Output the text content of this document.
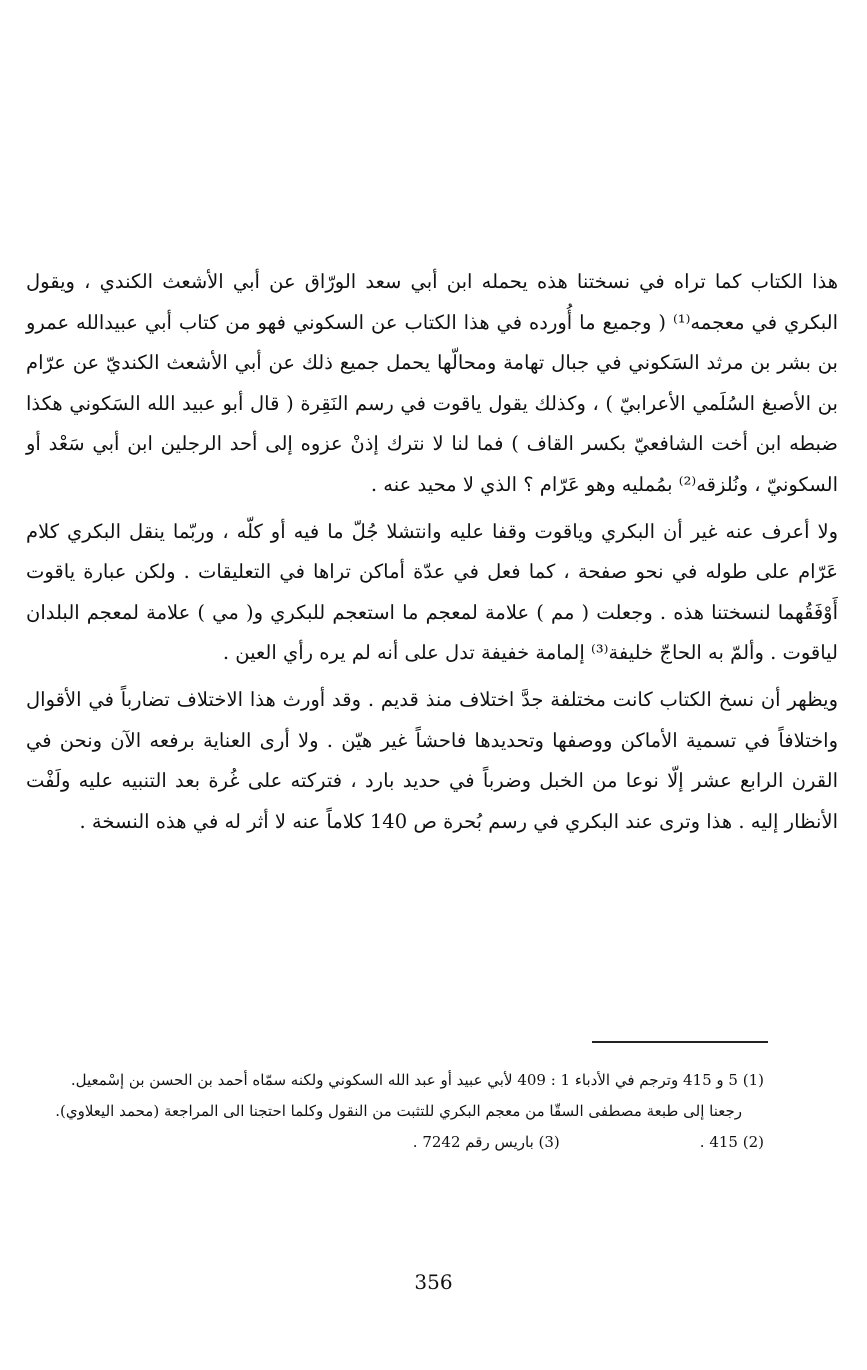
هذا الكتاب كما تراه في نسختنا هذه يحمله ابن أبي سعد الورّاق عن أبي الأشعث الكندي ، ويقول البكري في معجمه⁽¹⁾ ( وجميع ما أُورده في هذا الكتاب عن السكوني فهو من كتاب أبي عبيدالله عمرو بن بشر بن مرثد السَكوني في جبال تهامة ومحالّها يحمل جميع ذلك عن أبي الأشعث الكنديّ عن عرّام بن الأصبغ السُلَمي الأعرابيّ ) ، وكذلك يقول ياقوت في رسم النَقِرة ( قال أبو عبيد الله السَكوني هكذا ضبطه ابن أخت الشافعيّ بكسر القاف ) فما لنا لا نترك إذنْ عزوه إلى أحد الرجلين ابن أبي سَعْد أو السكونيّ ، ونُلزقه⁽²⁾ بمُمليه وهو عَرّام ؟ الذي لا محيد عنه .

ولا أعرف عنه غير أن البكري وياقوت وقفا عليه وانتشلا جُلّ ما فيه أو كلّه ، وربّما ينقل البكري كلام عَرّام على طوله في نحو صفحة ، كما فعل في عدّة أماكن تراها في التعليقات . ولكن عبارة ياقوت أَوْفَقُهما لنسختنا هذه . وجعلت ( مم ) علامة لمعجم ما استعجم للبكري و( مي ) علامة لمعجم البلدان لياقوت . وألمّ به الحاجّ خليفة⁽³⁾ إلمامة خفيفة تدل على أنه لم يره رأي العين .

ويظهر أن نسخ الكتاب كانت مختلفة جدَّ اختلاف منذ قديم . وقد أورث هذا الاختلاف تضارباً في الأقوال واختلافاً في تسمية الأماكن ووصفها وتحديدها فاحشاً غير هيّن . ولا أرى العناية برفعه الآن ونحن في القرن الرابع عشر إلّا نوعا من الخبل وضرباً في حديد بارد ، فتركته على غُرة بعد التنبيه عليه ولَفْت الأنظار إليه . هذا وترى عند البكري في رسم بُحرة ص 140 كلاماً عنه لا أثر له في هذه النسخة .

(1) 5 و 415 وترجم في الأدباء 1 : 409 لأبي عبيد أو عبد الله السكوني ولكنه سمّاه أحمد بن الحسن بن إسْمعيل.

رجعنا إلى طبعة مصطفى السقّا من معجم البكري للتثبت من النقول وكلما احتجنا الى المراجعة (محمد اليعلاوي).

(2) 415 .
(3) باريس رقم 7242 .
356
